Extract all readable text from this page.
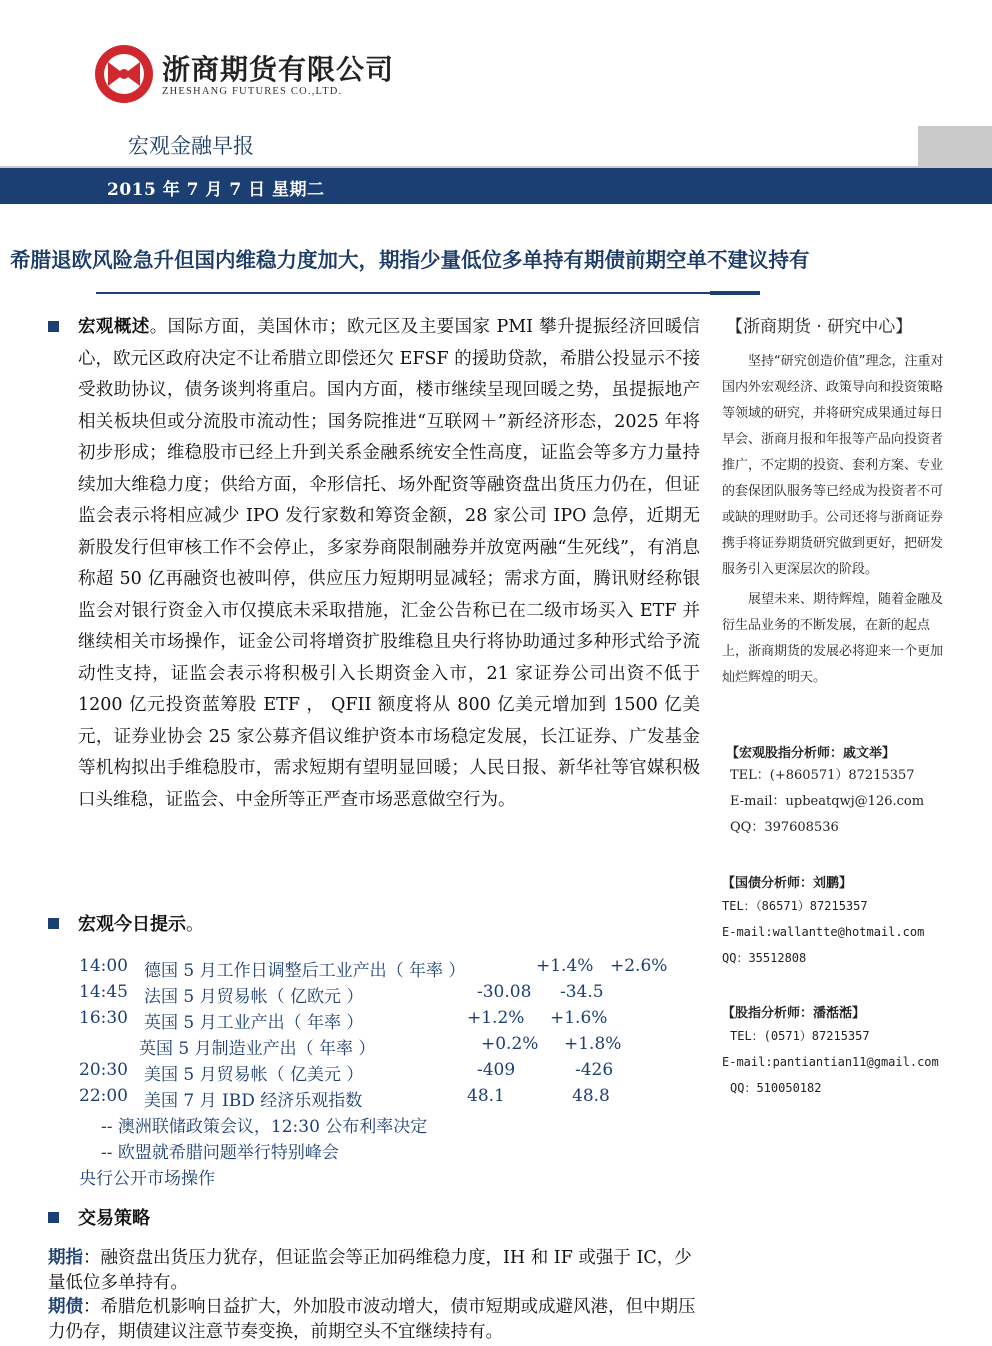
浙商期货有限公司
ZHESHANG FUTURES CO.,LTD.
宏观金融早报
2015 年 7 月 7 日 星期二
希腊退欧风险急升但国内维稳力度加大，期指少量低位多单持有期债前期空单不建议持有
宏观概述。国际方面，美国休市；欧元区及主要国家 PMI 攀升提振经济回暖信心，欧元区政府决定不让希腊立即偿还欠 EFSF 的援助贷款，希腊公投显示不接受救助协议，债务谈判将重启。国内方面，楼市继续呈现回暖之势，虽提振地产相关板块但或分流股市流动性；国务院推进“互联网＋”新经济形态，2025 年将初步形成；维稳股市已经上升到关系金融系统安全性高度，证监会等多方力量持续加大维稳力度；供给方面，伞形信托、场外配资等融资盘出货压力仍在，但证监会表示将相应减少 IPO 发行家数和筹资金额，28 家公司 IPO 急停，近期无新股发行但审核工作不会停止，多家券商限制融券并放宽两融“生死线”，有消息称超 50 亿再融资也被叫停，供应压力短期明显减轻；需求方面，腾讯财经称银监会对银行资金入市仅摸底未采取措施，汇金公告称已在二级市场买入 ETF 并继续相关市场操作，证金公司将增资扩股维稳且央行将协助通过多种形式给予流动性支持，证监会表示将积极引入长期资金入市，21 家证券公司出资不低于 1200 亿元投资蓝筹股 ETF ， QFII 额度将从 800 亿美元增加到 1500 亿美元，证券业协会 25 家公募齐倡议维护资本市场稳定发展，长江证券、广发基金等机构拟出手维稳股市，需求短期有望明显回暖；人民日报、新华社等官媒积极口头维稳，证监会、中金所等正严查市场恶意做空行为。
宏观今日提示。
14:00 德国 5 月工作日调整后工业产出（ 年率 ）	+1.4% +2.6%
14:45 法国 5 月贸易帐（ 亿欧元 ）	-30.08 -34.5
16:30 英国 5 月工业产出（ 年率 ）	+1.2% +1.6%
英国 5 月制造业产出（ 年率 ）	+0.2% +1.8%
20:30 美国 5 月贸易帐（ 亿美元 ）	-409	-426
22:00 美国 7 月 IBD 经济乐观指数	48.1	48.8
-- 澳洲联储政策会议，12:30 公布利率决定
-- 欧盟就希腊问题举行特别峰会
央行公开市场操作
交易策略

期指：融资盘出货压力犹存，但证监会等正加码维稳力度，IH 和 IF 或强于 IC，少量低位多单持有。

期债：希腊危机影响日益扩大，外加股市波动增大，债市短期或成避风港，但中期压力仍存，期债建议注意节奏变换，前期空头不宜继续持有。

【浙商期货 · 研究中心】
坚持“研究创造价值”理念，注重对国内外宏观经济、政策导向和投资策略等领域的研究，并将研究成果通过每日早会、浙商月报和年报等产品向投资者推广，不定期的投资、套利方案、专业的套保团队服务等已经成为投资者不可或缺的理财助手。公司还将与浙商证券携手将证券期货研究做到更好，把研发服务引入更深层次的阶段。
展望未来、期待辉煌，随着金融及衍生品业务的不断发展，在新的起点上，浙商期货的发展必将迎来一个更加灿烂辉煌的明天。
【宏观股指分析师：戚文举】
TEL：(+860571）87215357
E-mail：upbeatqwj@126.com
QQ：397608536
【国债分析师：刘鹏】
TEL：（86571）87215357
E-mail:wallantte@hotmail.com
QQ：35512808
【股指分析师：潘湉湉】
TEL：(0571）87215357
E-mail:pantiantian11@gmail.com
QQ：510050182
